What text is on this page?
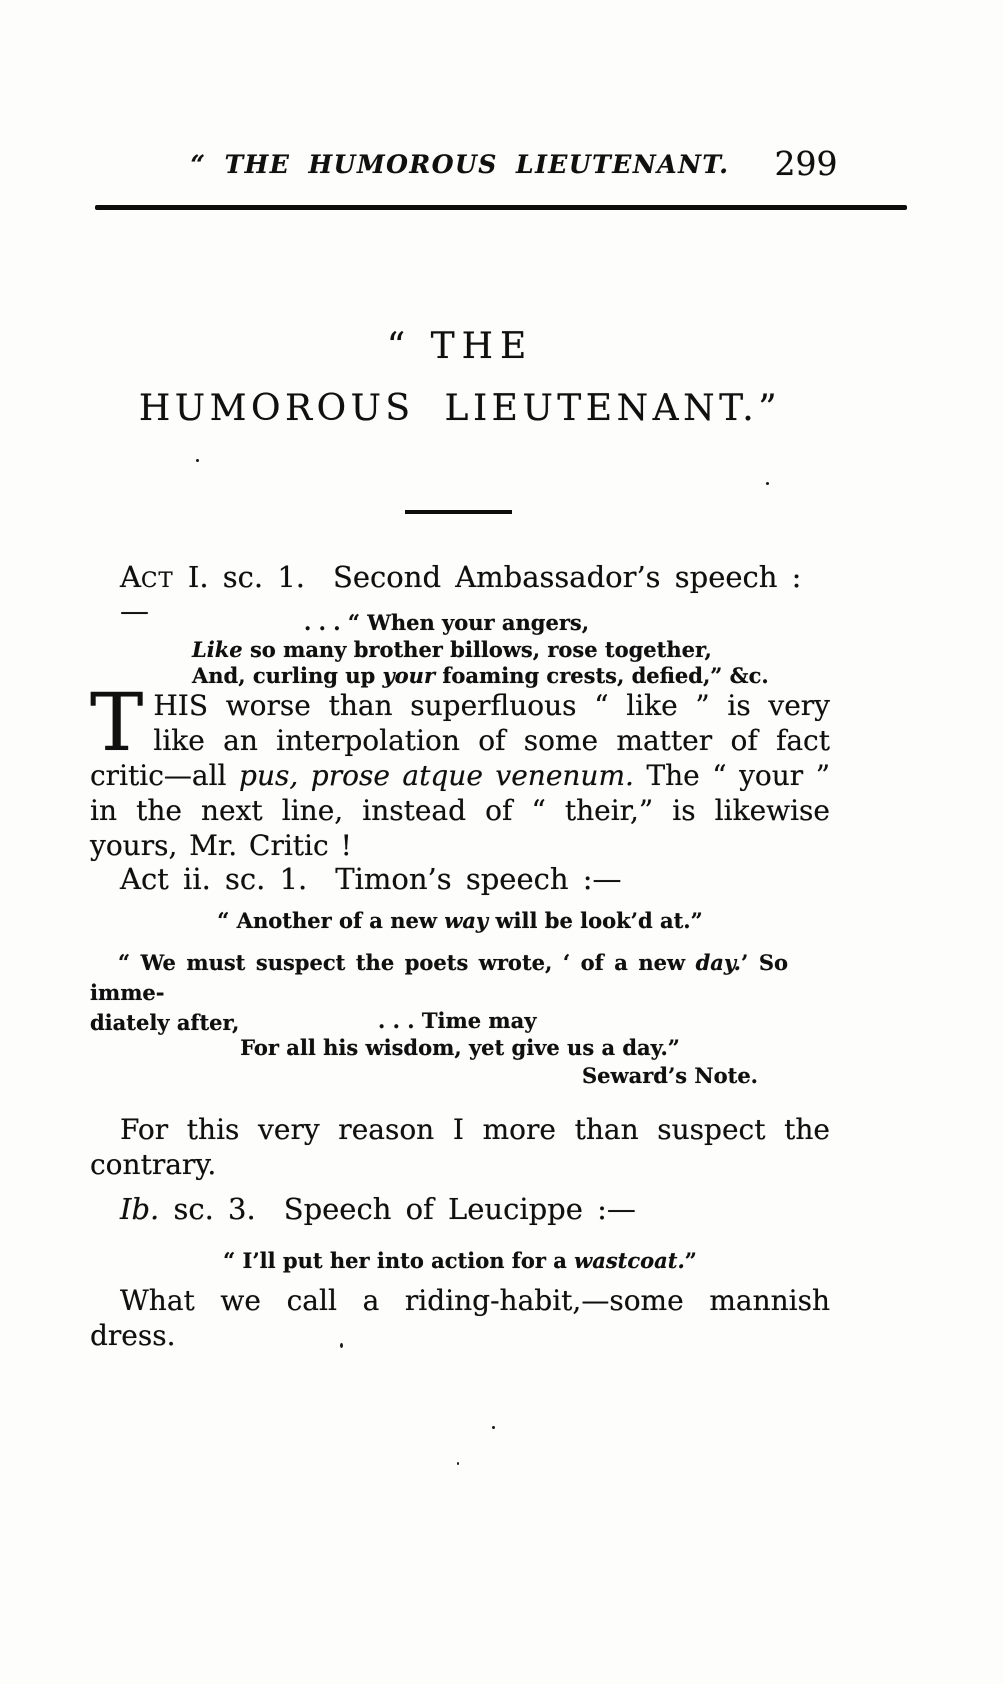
“ THE HUMOROUS LIEUTENANT.	299
“ THE
HUMOROUS LIEUTENANT.”
ACT I. sc. 1. Second Ambassador’s speech :—	. . . “ When your angers,
Like so many brother billows, rose together,
And, curling up your foaming crests, defied,” &c.
T HIS worse than superfluous “ like ” is very
like an interpolation of some matter of fact
critic—all pus, prose atque venenum. The “ your ”
in the next line, instead of “ their,” is likewise
yours, Mr. Critic !
Act ii. sc. 1. Timon’s speech :—
“ Another of a new way will be look’d at.”
“ We must suspect the poets wrote, ‘ of a new day.’ So imme-
diately after,	. . . Time may
For all his wisdom, yet give us a day.”
Seward’s Note.
For this very reason I more than suspect the
contrary.
Ib. sc. 3. Speech of Leucippe :—
“ I’ll put her into action for a wastcoat.”
What we call a riding-habit,—some mannish
dress.
